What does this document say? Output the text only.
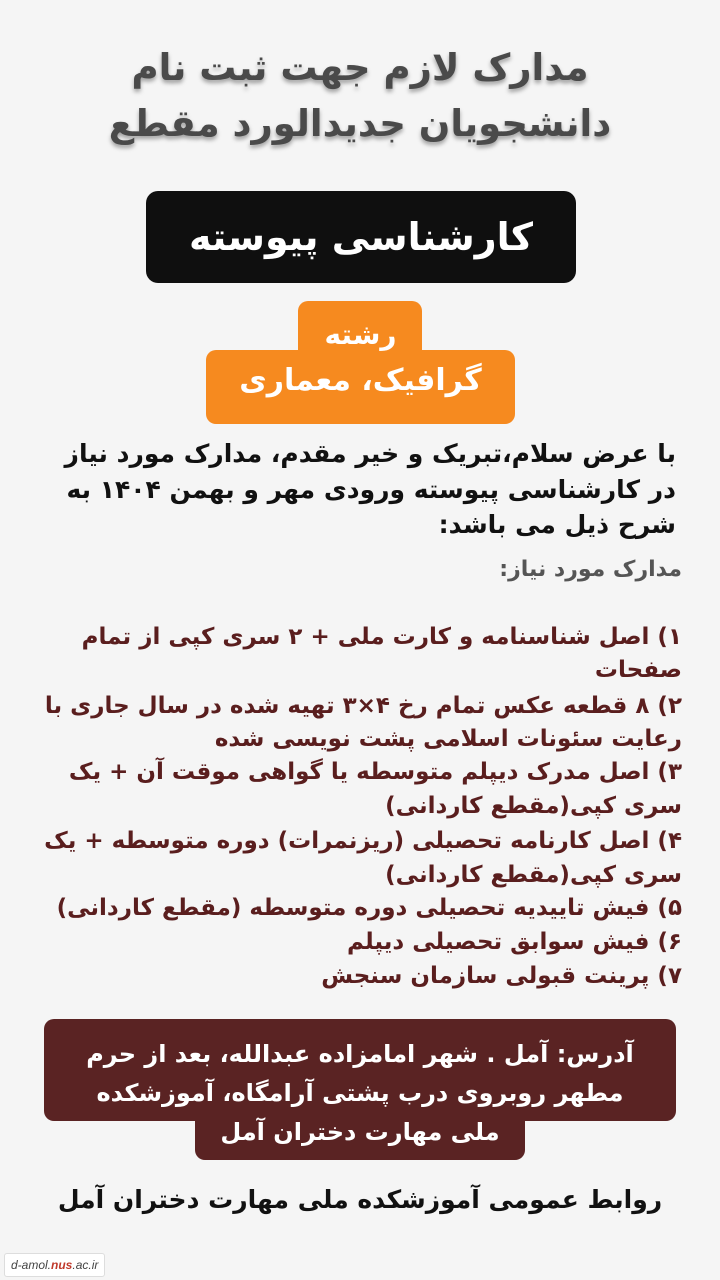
مدارک لازم جهت ثبت نام
دانشجویان جدیدالورد مقطع
کارشناسی پیوسته
رشته
گرافیک، معماری
با عرض سلام،تبریک و خیر مقدم، مدارک مورد نیاز
در کارشناسی پیوسته ورودی مهر و بهمن ۱۴۰۴ به
شرح ذیل می باشد:
مدارک مورد نیاز:
۱) اصل شناسنامه و کارت ملی + ۲ سری کپی از تمام
صفحات
۲) ۸ قطعه عکس تمام رخ ۴×۳ تهیه شده در سال جاری با
رعایت سئونات اسلامی پشت نویسی شده
۳) اصل مدرک دیپلم متوسطه یا گواهی موقت آن + یک
سری کپی(مقطع کاردانی)
۴) اصل کارنامه تحصیلی (ریزنمرات) دوره متوسطه + یک
سری کپی(مقطع کاردانی)
۵) فیش تاییدیه تحصیلی دوره متوسطه (مقطع کاردانی)
۶) فیش سوابق تحصیلی دیپلم
۷) پرینت قبولی سازمان سنجش
آدرس: آمل . شهر امامزاده عبدالله، بعد از حرم
مطهر روبروی درب پشتی آرامگاه، آموزشکده
ملی مهارت دختران آمل
روابط عمومی آموزشکده ملی مهارت دختران آمل
d-amol.nus.ac.ir
